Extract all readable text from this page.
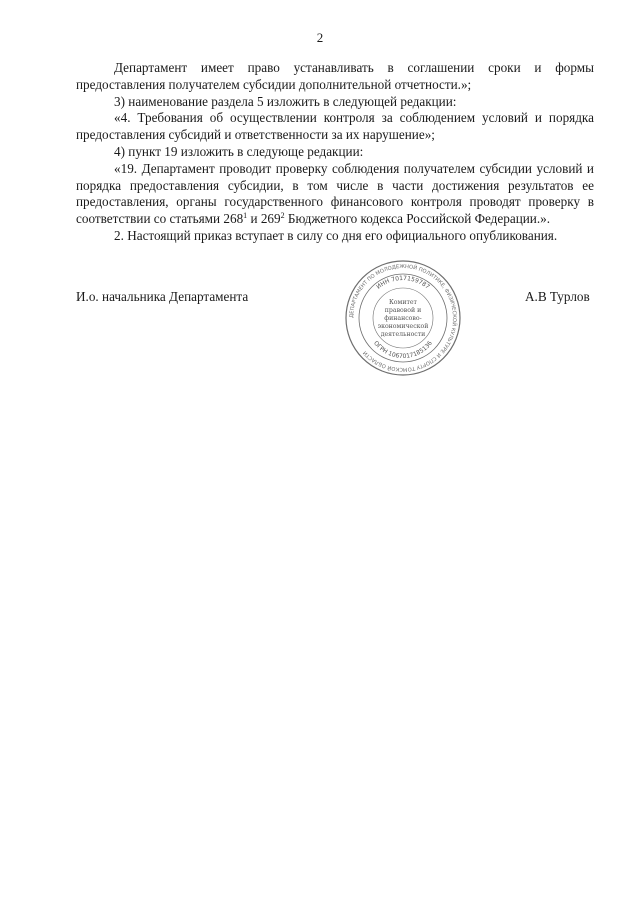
2

Департамент имеет право устанавливать в соглашении сроки и формы предоставления получателем субсидии дополнительной отчетности.»;

3) наименование раздела 5 изложить в следующей редакции:

«4. Требования об осуществлении контроля за соблюдением условий и порядка предоставления субсидий и ответственности за их нарушение»;

4) пункт 19 изложить в следующе редакции:

«19. Департамент проводит проверку соблюдения получателем субсидии условий и порядка предоставления субсидии, в том числе в части достижения результатов ее предоставления, органы государственного финансового контроля проводят проверку в соответствии со статьями $268^1$ и $269^2$ Бюджетного кодекса Российской Федерации.».

2. Настоящий приказ вступает в силу со дня его официального опубликования.

И.о. начальника Департамента	А.В Турлов
ДЕПАРТАМЕНТ ПО МОЛОДЕЖНОЙ ПОЛИТИКЕ, ФИЗИЧЕСКОЙ КУЛЬТУРЕ И СПОРТУ ТОМСКОЙ ОБЛАСТИ
ИНН 7017159787
ОГРН 1067017185136
Комитет
правовой и
финансово-
экономической
деятельности
